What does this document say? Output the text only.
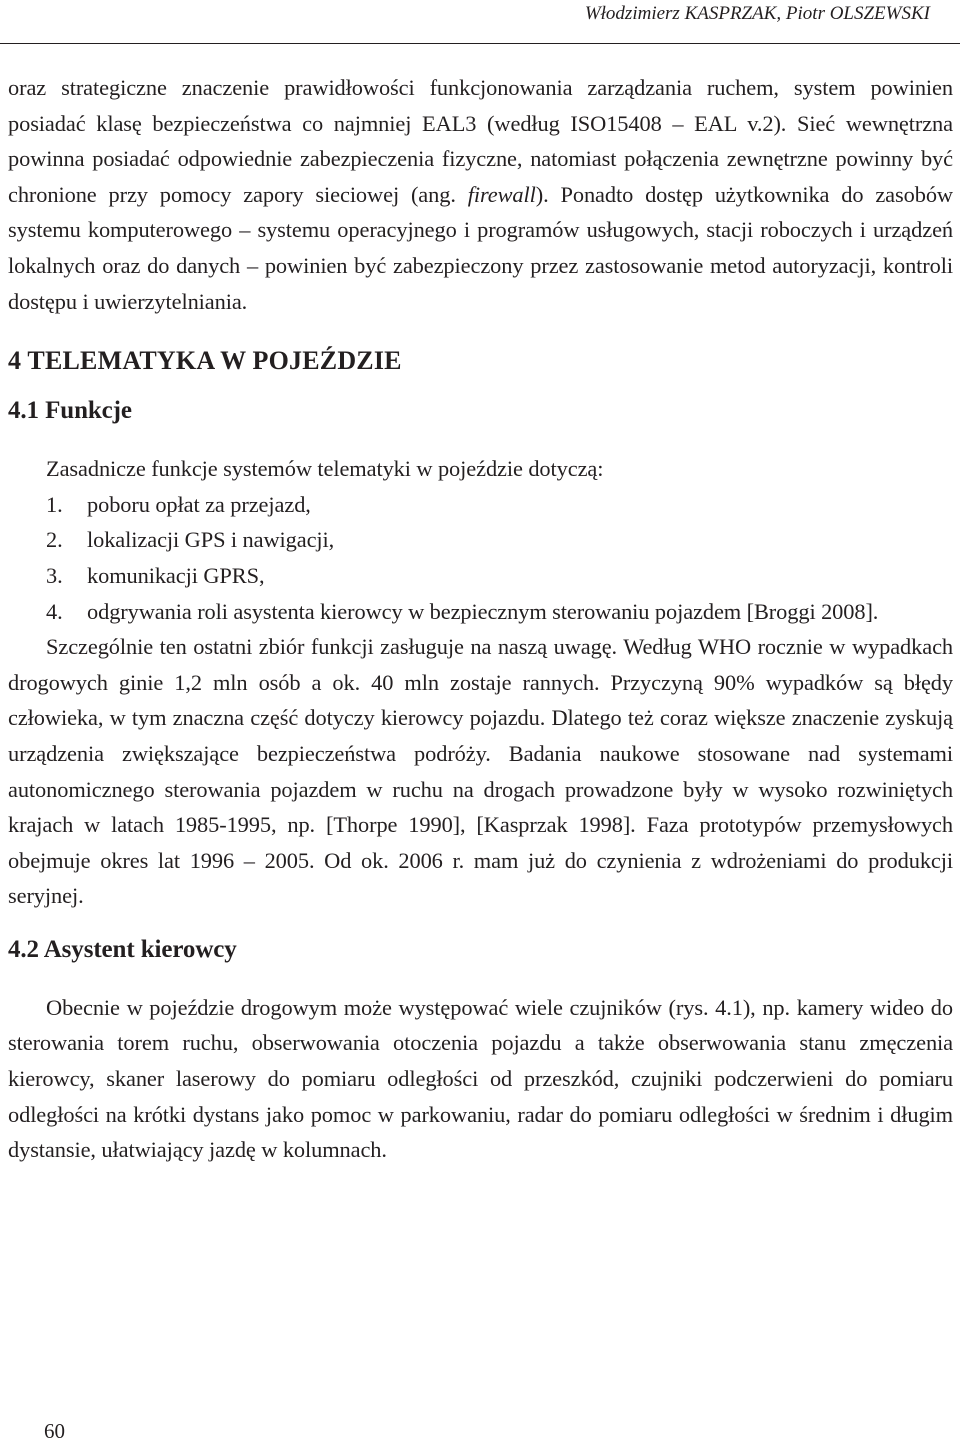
Włodzimierz KASPRZAK, Piotr OLSZEWSKI

oraz strategiczne znaczenie prawidłowości funkcjonowania zarządzania ruchem, system powinien posiadać klasę bezpieczeństwa co najmniej EAL3 (według ISO15408 – EAL v.2). Sieć wewnętrzna powinna posiadać odpowiednie zabezpieczenia fizyczne, natomiast połączenia zewnętrzne powinny być chronione przy pomocy zapory sieciowej (ang. firewall). Ponadto dostęp użytkownika do zasobów systemu komputerowego – systemu operacyjnego i programów usługowych, stacji roboczych i urządzeń lokalnych oraz do danych – powinien być zabezpieczony przez zastosowanie metod autoryzacji, kontroli dostępu i uwierzytelniania.

4 TELEMATYKA W POJEŹDZIE
4.1 Funkcje

Zasadnicze funkcje systemów telematyki w pojeździe dotyczą:

1. poboru opłat za przejazd,
2. lokalizacji GPS i nawigacji,
3. komunikacji GPRS,
4. odgrywania roli asystenta kierowcy w bezpiecznym sterowaniu pojazdem [Broggi 2008].

Szczególnie ten ostatni zbiór funkcji zasługuje na naszą uwagę. Według WHO rocznie w wypadkach drogowych ginie 1,2 mln osób a ok. 40 mln zostaje rannych. Przyczyną 90% wypadków są błędy człowieka, w tym znaczna część dotyczy kierowcy pojazdu. Dlatego też coraz większe znaczenie zyskują urządzenia zwiększające bezpieczeństwa podróży. Badania naukowe stosowane nad systemami autonomicznego sterowania pojazdem w ruchu na drogach prowadzone były w wysoko rozwiniętych krajach w latach 1985-1995, np. [Thorpe 1990], [Kasprzak 1998]. Faza prototypów przemysłowych obejmuje okres lat 1996 – 2005. Od ok. 2006 r. mam już do czynienia z wdrożeniami do produkcji seryjnej.

4.2 Asystent kierowcy

Obecnie w pojeździe drogowym może występować wiele czujników (rys. 4.1), np. kamery wideo do sterowania torem ruchu, obserwowania otoczenia pojazdu a także obserwowania stanu zmęczenia kierowcy, skaner laserowy do pomiaru odległości od przeszkód, czujniki podczerwieni do pomiaru odległości na krótki dystans jako pomoc w parkowaniu, radar do pomiaru odległości w średnim i długim dystansie, ułatwiający jazdę w kolumnach.

60
